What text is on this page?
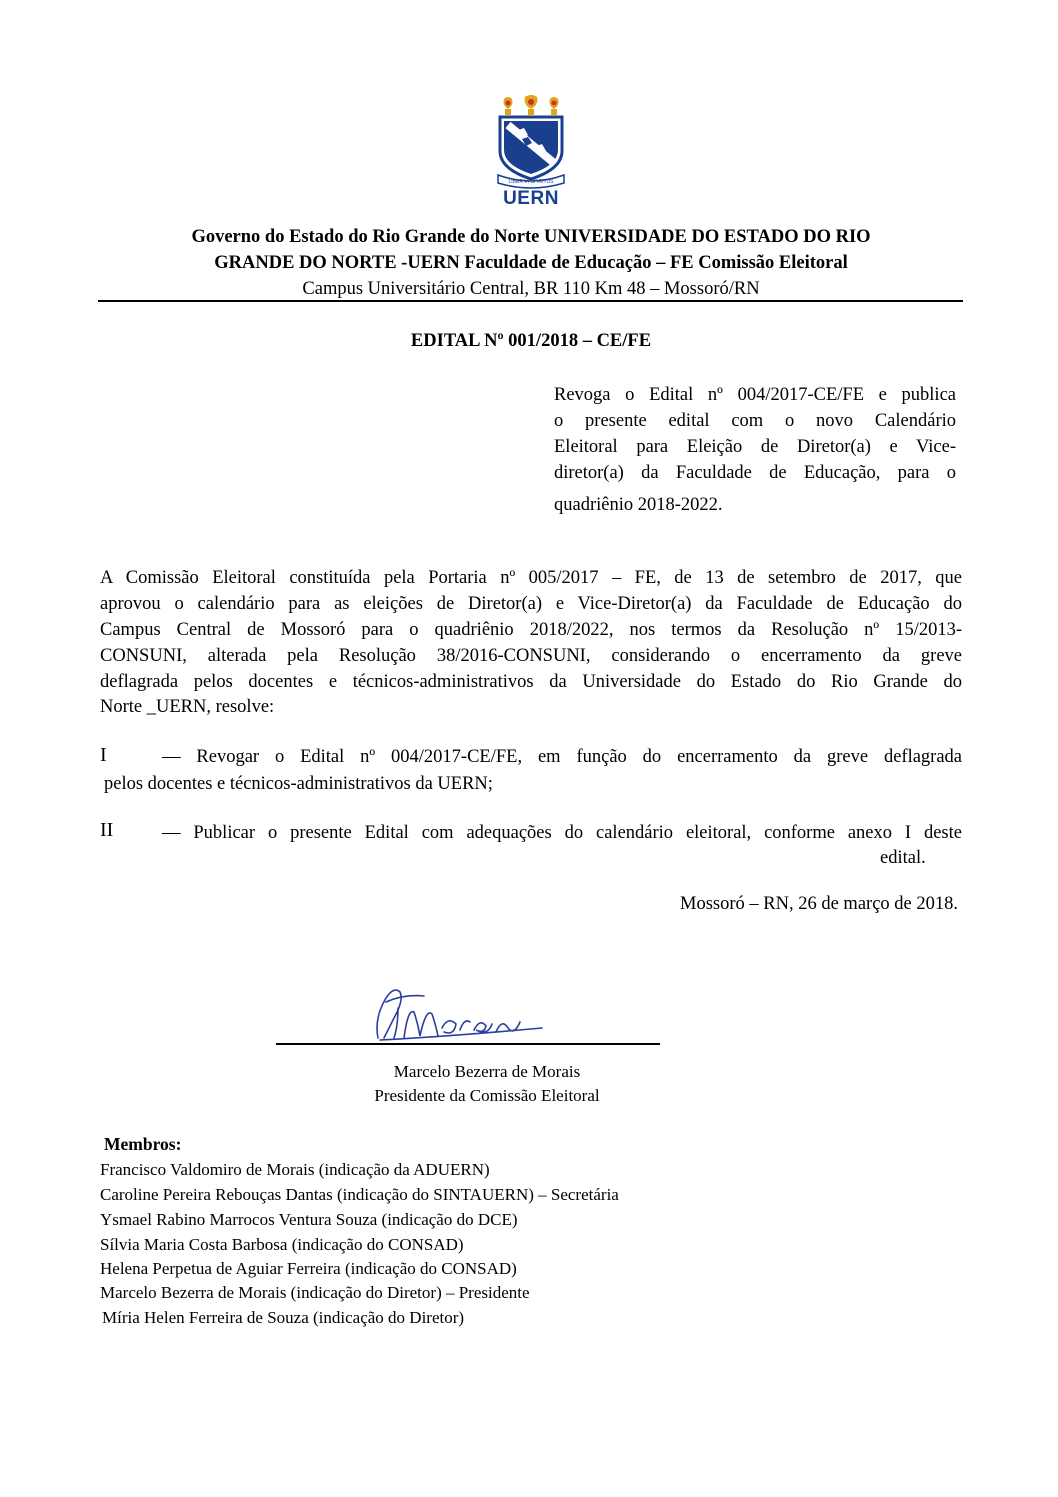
LIBER VI SPIRITUS
UERN
Governo do Estado do Rio Grande do Norte UNIVERSIDADE DO ESTADO DO RIO
GRANDE DO NORTE -UERN Faculdade de Educação – FE Comissão Eleitoral
Campus Universitário Central, BR 110 Km 48 – Mossoró/RN
EDITAL Nº 001/2018 – CE/FE

Revoga o Edital nº 004/2017-CE/FE e publica

o presente edital com o novo Calendário

Eleitoral para Eleição de Diretor(a) e Vice-

diretor(a) da Faculdade de Educação, para o

quadriênio 2018-2022.

A Comissão Eleitoral constituída pela Portaria nº 005/2017 – FE, de 13 de setembro de 2017, que

aprovou o calendário para as eleições de Diretor(a) e Vice-Diretor(a) da Faculdade de Educação do

Campus Central de Mossoró para o quadriênio 2018/2022, nos termos da Resolução nº 15/2013-

CONSUNI, alterada pela Resolução 38/2016-CONSUNI, considerando o encerramento da greve

deflagrada pelos docentes e técnicos-administrativos da Universidade do Estado do Rio Grande do

Norte _UERN, resolve:

I	— Revogar o Edital nº 004/2017-CE/FE, em função do encerramento da greve deflagrada

pelos docentes e técnicos-administrativos da UERN;

II	— Publicar o presente Edital com adequações do calendário eleitoral, conforme anexo I deste

edital.

Mossoró – RN, 26 de março de 2018.
Marcelo Bezerra de Morais
Presidente da Comissão Eleitoral
Membros:
Francisco Valdomiro de Morais (indicação da ADUERN)
Caroline Pereira Rebouças Dantas (indicação do SINTAUERN) – Secretária
Ysmael Rabino Marrocos Ventura Souza (indicação do DCE)
Sílvia Maria Costa Barbosa (indicação do CONSAD)
Helena Perpetua de Aguiar Ferreira (indicação do CONSAD)
Marcelo Bezerra de Morais (indicação do Diretor) – Presidente
Míria Helen Ferreira de Souza (indicação do Diretor)
